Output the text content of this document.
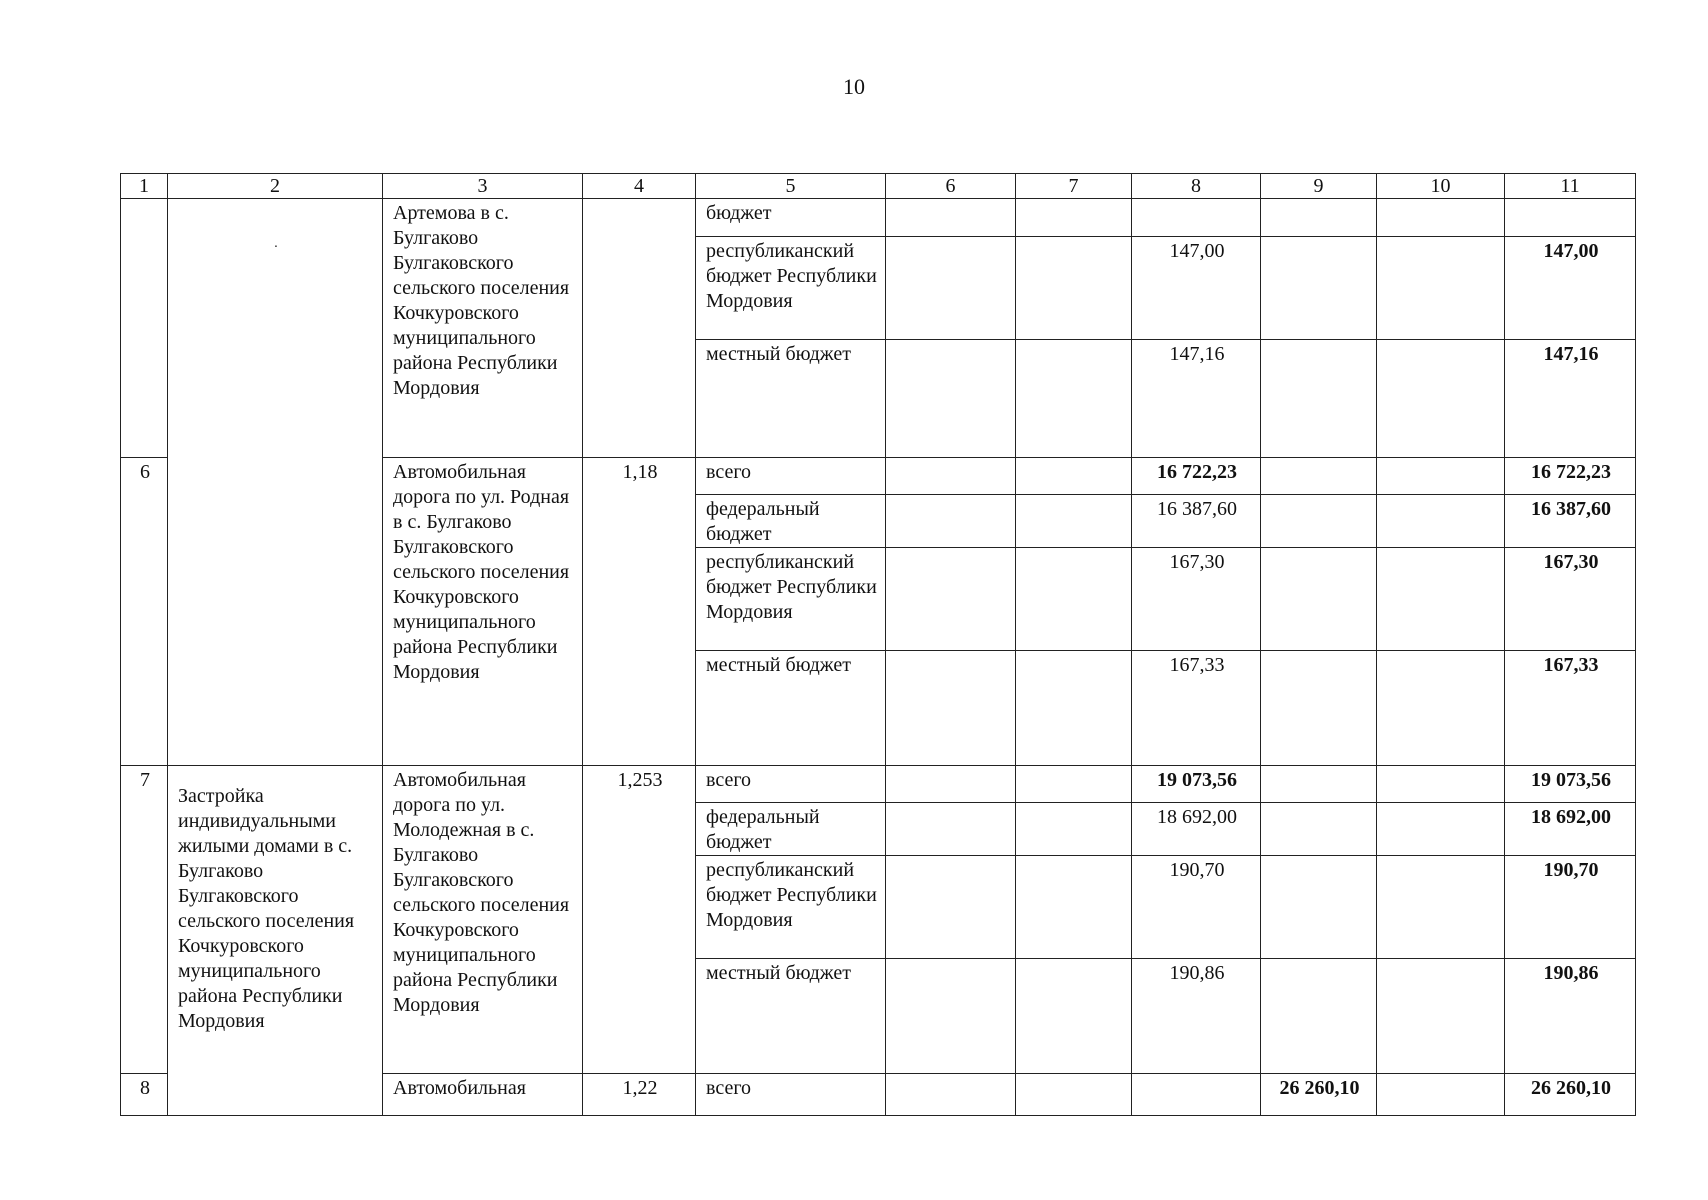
10
1	2	3	4	5	6	7	8	9	10	11

	·	Артемова в с. Булгаково Булгаковского сельского поселения Кочкуровского муниципального района Республики Мордовия		бюджет						
				республиканский бюджет Республики Мордовия			147,00			147,00
				местный бюджет			147,16			147,16
6		Автомобильная дорога по ул. Родная в с. Булгаково Булгаковского сельского поселения Кочкуровского муниципального района Республики Мордовия	1,18	всего			16 722,23			16 722,23
				федеральный бюджет			16 387,60			16 387,60
				республиканский бюджет Республики Мордовия			167,30			167,30
				местный бюджет			167,33			167,33
7	Застройка индивидуальными жилыми домами в с. Булгаково Булгаковского сельского поселения Кочкуровского муниципального района Республики Мордовия	Автомобильная дорога по ул. Молодежная в с. Булгаково Булгаковского сельского поселения Кочкуровского муниципального района Республики Мордовия	1,253	всего			19 073,56			19 073,56
				федеральный бюджет			18 692,00			18 692,00
				республиканский бюджет Республики Мордовия			190,70			190,70
				местный бюджет			190,86			190,86
8		Автомобильная	1,22	всего				26 260,10		26 260,10
